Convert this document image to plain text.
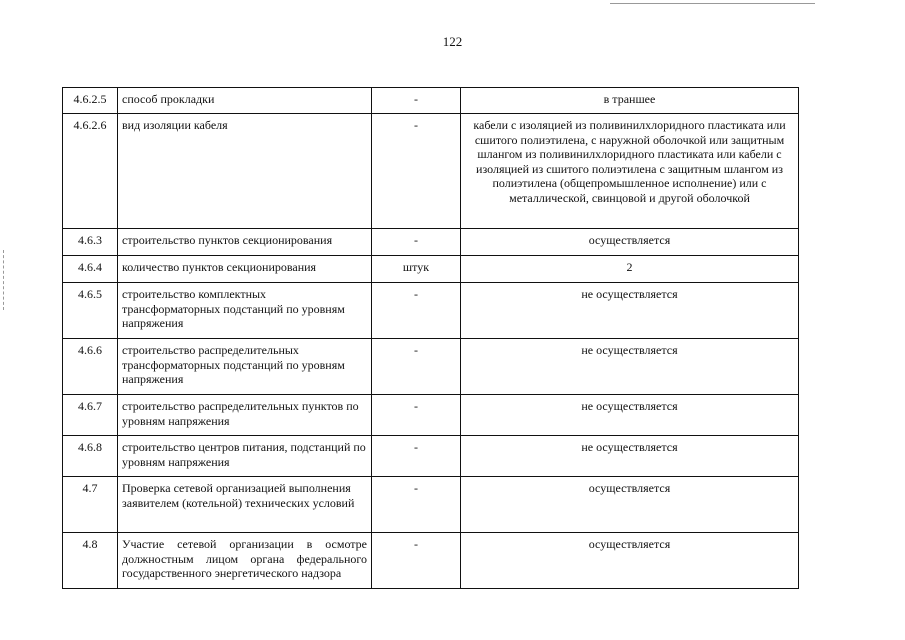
122
4.6.2.5	способ прокладки	-	в траншее
4.6.2.6	вид изоляции кабеля	-	кабели с изоляцией из поливинилхлоридного пластиката или сшитого полиэтилена, с наружной оболочкой или защитным шлангом из поливинилхлоридного пластиката или кабели с изоляцией из сшитого полиэтилена с защитным шлангом из полиэтилена (общепромышленное исполнение) или с металлической, свинцовой и другой оболочкой
4.6.3	строительство пунктов секционирования	-	осуществляется
4.6.4	количество пунктов секционирования	штук	2
4.6.5	строительство комплектных трансформаторных подстанций по уровням напряжения	-	не осуществляется
4.6.6	строительство распределительных трансформаторных подстанций по уровням напряжения	-	не осуществляется
4.6.7	строительство распределительных пунктов по уровням напряжения	-	не осуществляется
4.6.8	строительство центров питания, подстанций по уровням напряжения	-	не осуществляется
4.7	Проверка сетевой организацией выполнения заявителем (котельной) технических условий	-	осуществляется
4.8	Участие сетевой организации в осмотре должностным лицом органа федерального государственного энергетического надзора	-	осуществляется
